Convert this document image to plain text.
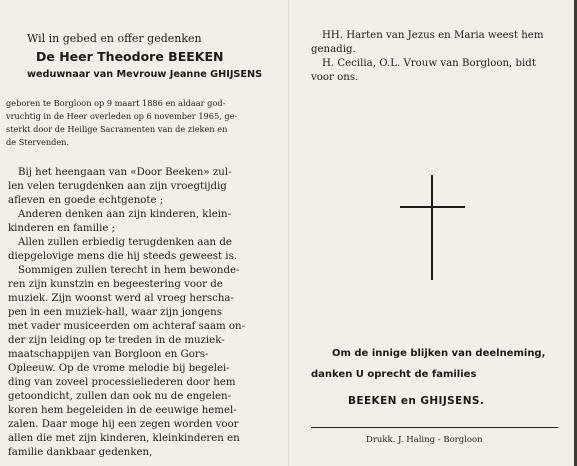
Wil in gebed en offer gedenken
De Heer Theodore BEEKEN
weduwnaar van Mevrouw Jeanne GHIJSENS
geboren te Borgloon op 9 maart 1886 en aldaar god-
vruchtig in de Heer overleden op 6 november 1965, ge-
sterkt door de Heilige Sacramenten van de zieken en
de Stervenden.
Bij het heengaan van «Door Beeken» zul-
len velen terugdenken aan zijn vroegtijdig
afleven en goede echtgenote ;
Anderen denken aan zijn kinderen, klein-
kinderen en familie ;
Allen zullen erbiedig terugdenken aan de
diepgelovige mens die hij steeds geweest is.
Sommigen zullen terecht in hem bewonde-
ren zijn kunstzin en begeestering voor de
muziek. Zijn woonst werd al vroeg herscha-
pen in een muziek-hall, waar zijn jongens
met vader musiceerden om achteraf saam on-
der zijn leiding op te treden in de muziek-
maatschappijen van Borgloon en Gors-
Opleeuw. Op de vrome melodie bij begelei-
ding van zoveel processieliederen door hem
getoondicht, zullen dan ook nu de engelen-
koren hem begeleiden in de eeuwige hemel-
zalen. Daar moge hij een zegen worden voor
allen die met zijn kinderen, kleinkinderen en
familie dankbaar gedenken,
HH. Harten van Jezus en Maria weest hem
genadig.
H. Cecilia, O.L. Vrouw van Borgloon, bidt
voor ons.
Om de innige blijken van deelneming,
danken U oprecht de families
BEEKEN en GHIJSENS.
Drukk. J. Haling - Borgloon
